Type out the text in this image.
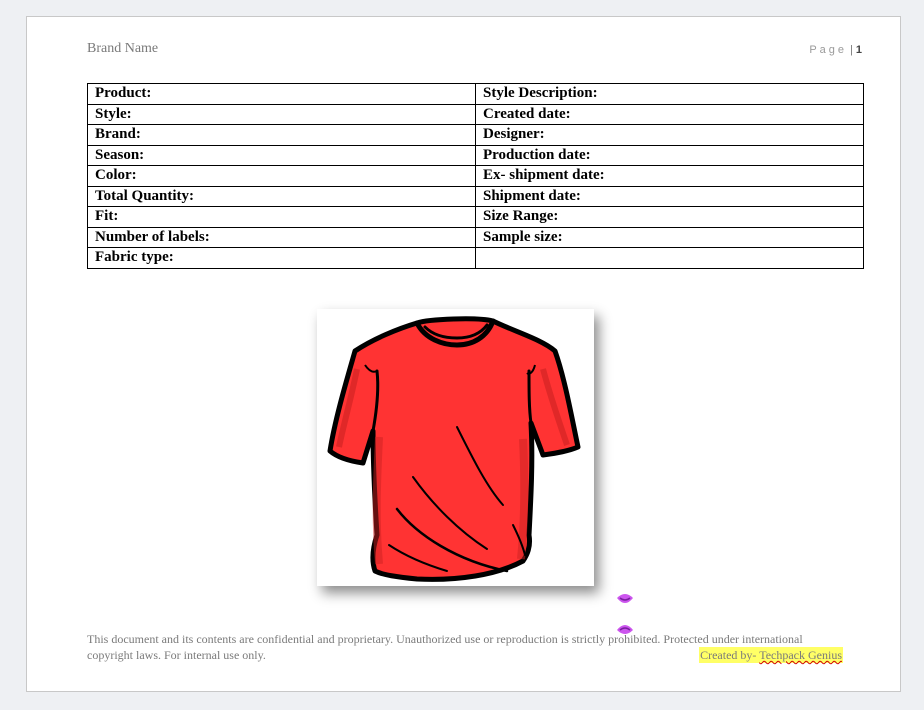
Brand Name	Page | 1
Product:	Style Description:
Style:	Created date:
Brand:	Designer:
Season:	Production date:
Color:	Ex- shipment date:
Total Quantity:	Shipment date:
Fit:	Size Range:
Number of labels:	Sample size:
Fabric type:	
This document and its contents are confidential and proprietary. Unauthorized use or reproduction is strictly prohibited. Protected under international copyright laws. For internal use only.	Created by- Techpack Genius
